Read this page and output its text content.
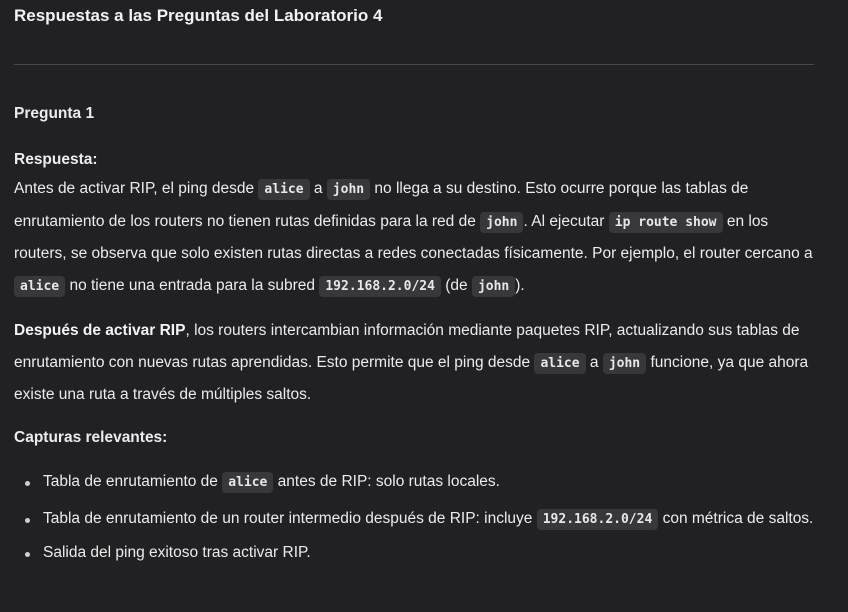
Respuestas a las Preguntas del Laboratorio 4
Pregunta 1
Respuesta:

Antes de activar RIP, el ping desde alice a john no llega a su destino. Esto ocurre porque las tablas de enrutamiento de los routers no tienen rutas definidas para la red de john . Al ejecutar ip route show en los routers, se observa que solo existen rutas directas a redes conectadas físicamente. Por ejemplo, el router cercano a alice no tiene una entrada para la subred 192.168.2.0/24 (de john ).

Después de activar RIP, los routers intercambian información mediante paquetes RIP, actualizando sus tablas de enrutamiento con nuevas rutas aprendidas. Esto permite que el ping desde alice a john funcione, ya que ahora existe una ruta a través de múltiples saltos.

Capturas relevantes:
Tabla de enrutamiento de alice antes de RIP: solo rutas locales.
Tabla de enrutamiento de un router intermedio después de RIP: incluye 192.168.2.0/24 con métrica de saltos.
Salida del ping exitoso tras activar RIP.
